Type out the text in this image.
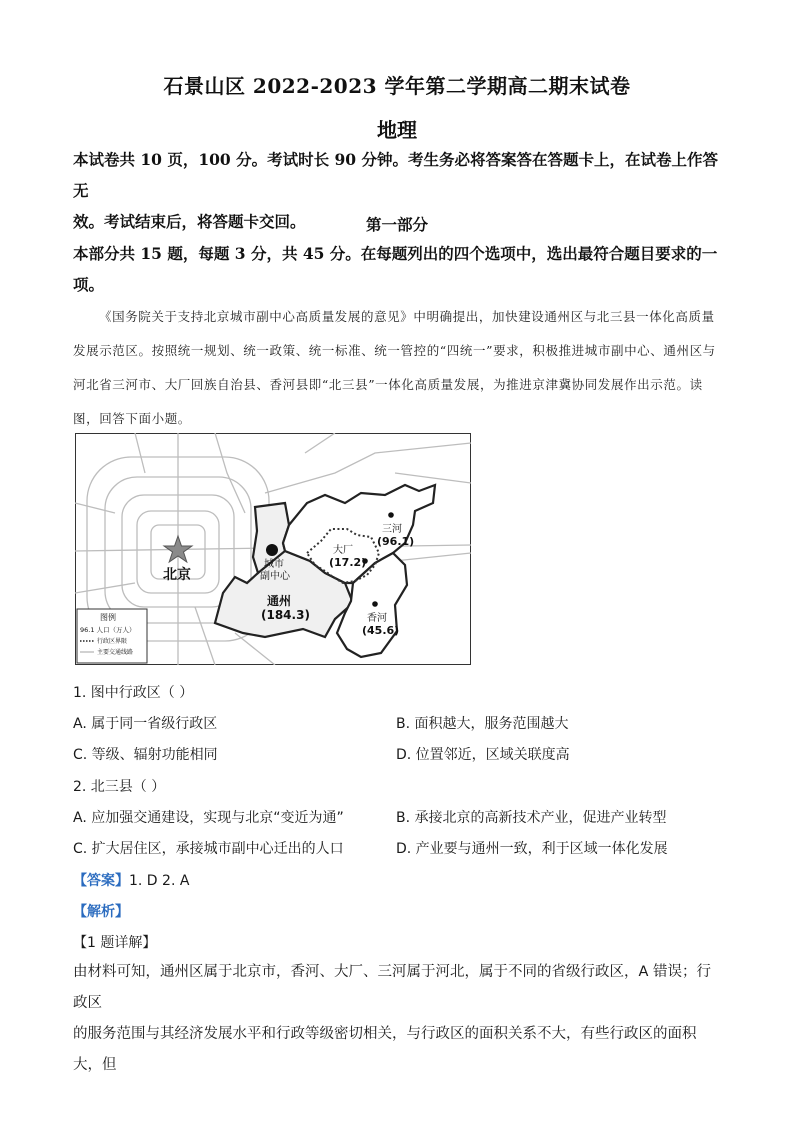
石景山区 2022-2023 学年第二学期高二期末试卷
地理
本试卷共 10 页，100 分。考试时长 90 分钟。考生务必将答案答在答题卡上，在试卷上作答无
效。考试结束后，将答题卡交回。	第一部分
本部分共 15 题，每题 3 分，共 45 分。在每题列出的四个选项中，选出最符合题目要求的一
项。
《国务院关于支持北京城市副中心高质量发展的意见》中明确提出，加快建设通州区与北三县一体化高质量发展示范区。按照统一规划、统一政策、统一标准、统一管控的“四统一”要求，积极推进城市副中心、通州区与河北省三河市、大厂回族自治县、香河县即“北三县”一体化高质量发展，为推进京津冀协同发展作出示范。读图，回答下面小题。
北京
城市
副中心
通州
(184.3)
三河
(96.1)
大厂
(17.2)
香河
(45.6)
图例
96.1 人口（万人）
行政区界限
主要交通线路
1. 图中行政区（ ）
A. 属于同一省级行政区	B. 面积越大，服务范围越大
C. 等级、辐射功能相同	D. 位置邻近，区域关联度高
2. 北三县（ ）
A. 应加强交通建设，实现与北京“变近为通”	B. 承接北京的高新技术产业，促进产业转型
C. 扩大居住区，承接城市副中心迁出的人口	D. 产业要与通州一致，利于区域一体化发展
【答案】1. D 2. A
【解析】
【1 题详解】
由材料可知，通州区属于北京市，香河、大厂、三河属于河北，属于不同的省级行政区，A 错误；行政区
的服务范围与其经济发展水平和行政等级密切相关，与行政区的面积关系不大，有些行政区的面积大，但
